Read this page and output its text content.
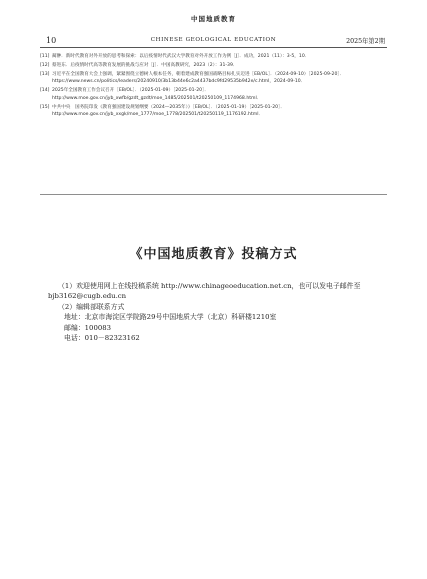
中国地质教育
10	CHINESE GEOLOGICAL EDUCATION	2025年第2期
[11] 蔺翀．新时代教育对外开放的思考和探索：以后疫情时代武汉大学教育对外开放工作为例［J］．成功，2021（11）：3-5，10．
[12] 蔡进东．后疫情时代高等教育发展的挑战与应对［J］．中国高教研究，2023（2）：31-39．
[13] 习近平在全国教育大会上强调，紧紧围绕立德树人根本任务，朝着建成教育强国战略目标扎实迈进［EB/OL］．（2024-09-10）［2025-09-20］．https://www.news.cn/politics/leaders/20240910/3b13b44e6c2a4437bdc9fd29535b942e/c.html，2024-09-10．
[14] 2025年全国教育工作会议召开［EB/OL］．（2025-01-09）［2025-01-20］．http://www.moe.gov.cn/jyb_xwfb/gzdt_gzdt/moe_1485/202501/t20250109_1174968.html．
[15] 中共中央　国务院印发《教育强国建设规划纲要（2024—2035年）》［EB/OL］．（2025-01-19）［2025-01-20］．http://www.moe.gov.cn/jyb_xxgk/moe_1777/moe_1778/202501/t20250119_1176192.html．
《中国地质教育》投稿方式
（1）欢迎使用网上在线投稿系统 http://www.chinageoeducation.net.cn，也可以发电子邮件至bjb3162@cugb.edu.cn
（2）编辑部联系方式
地址：北京市海淀区学院路29号中国地质大学（北京）科研楼1210室
邮编：100083
电话：010－82323162
